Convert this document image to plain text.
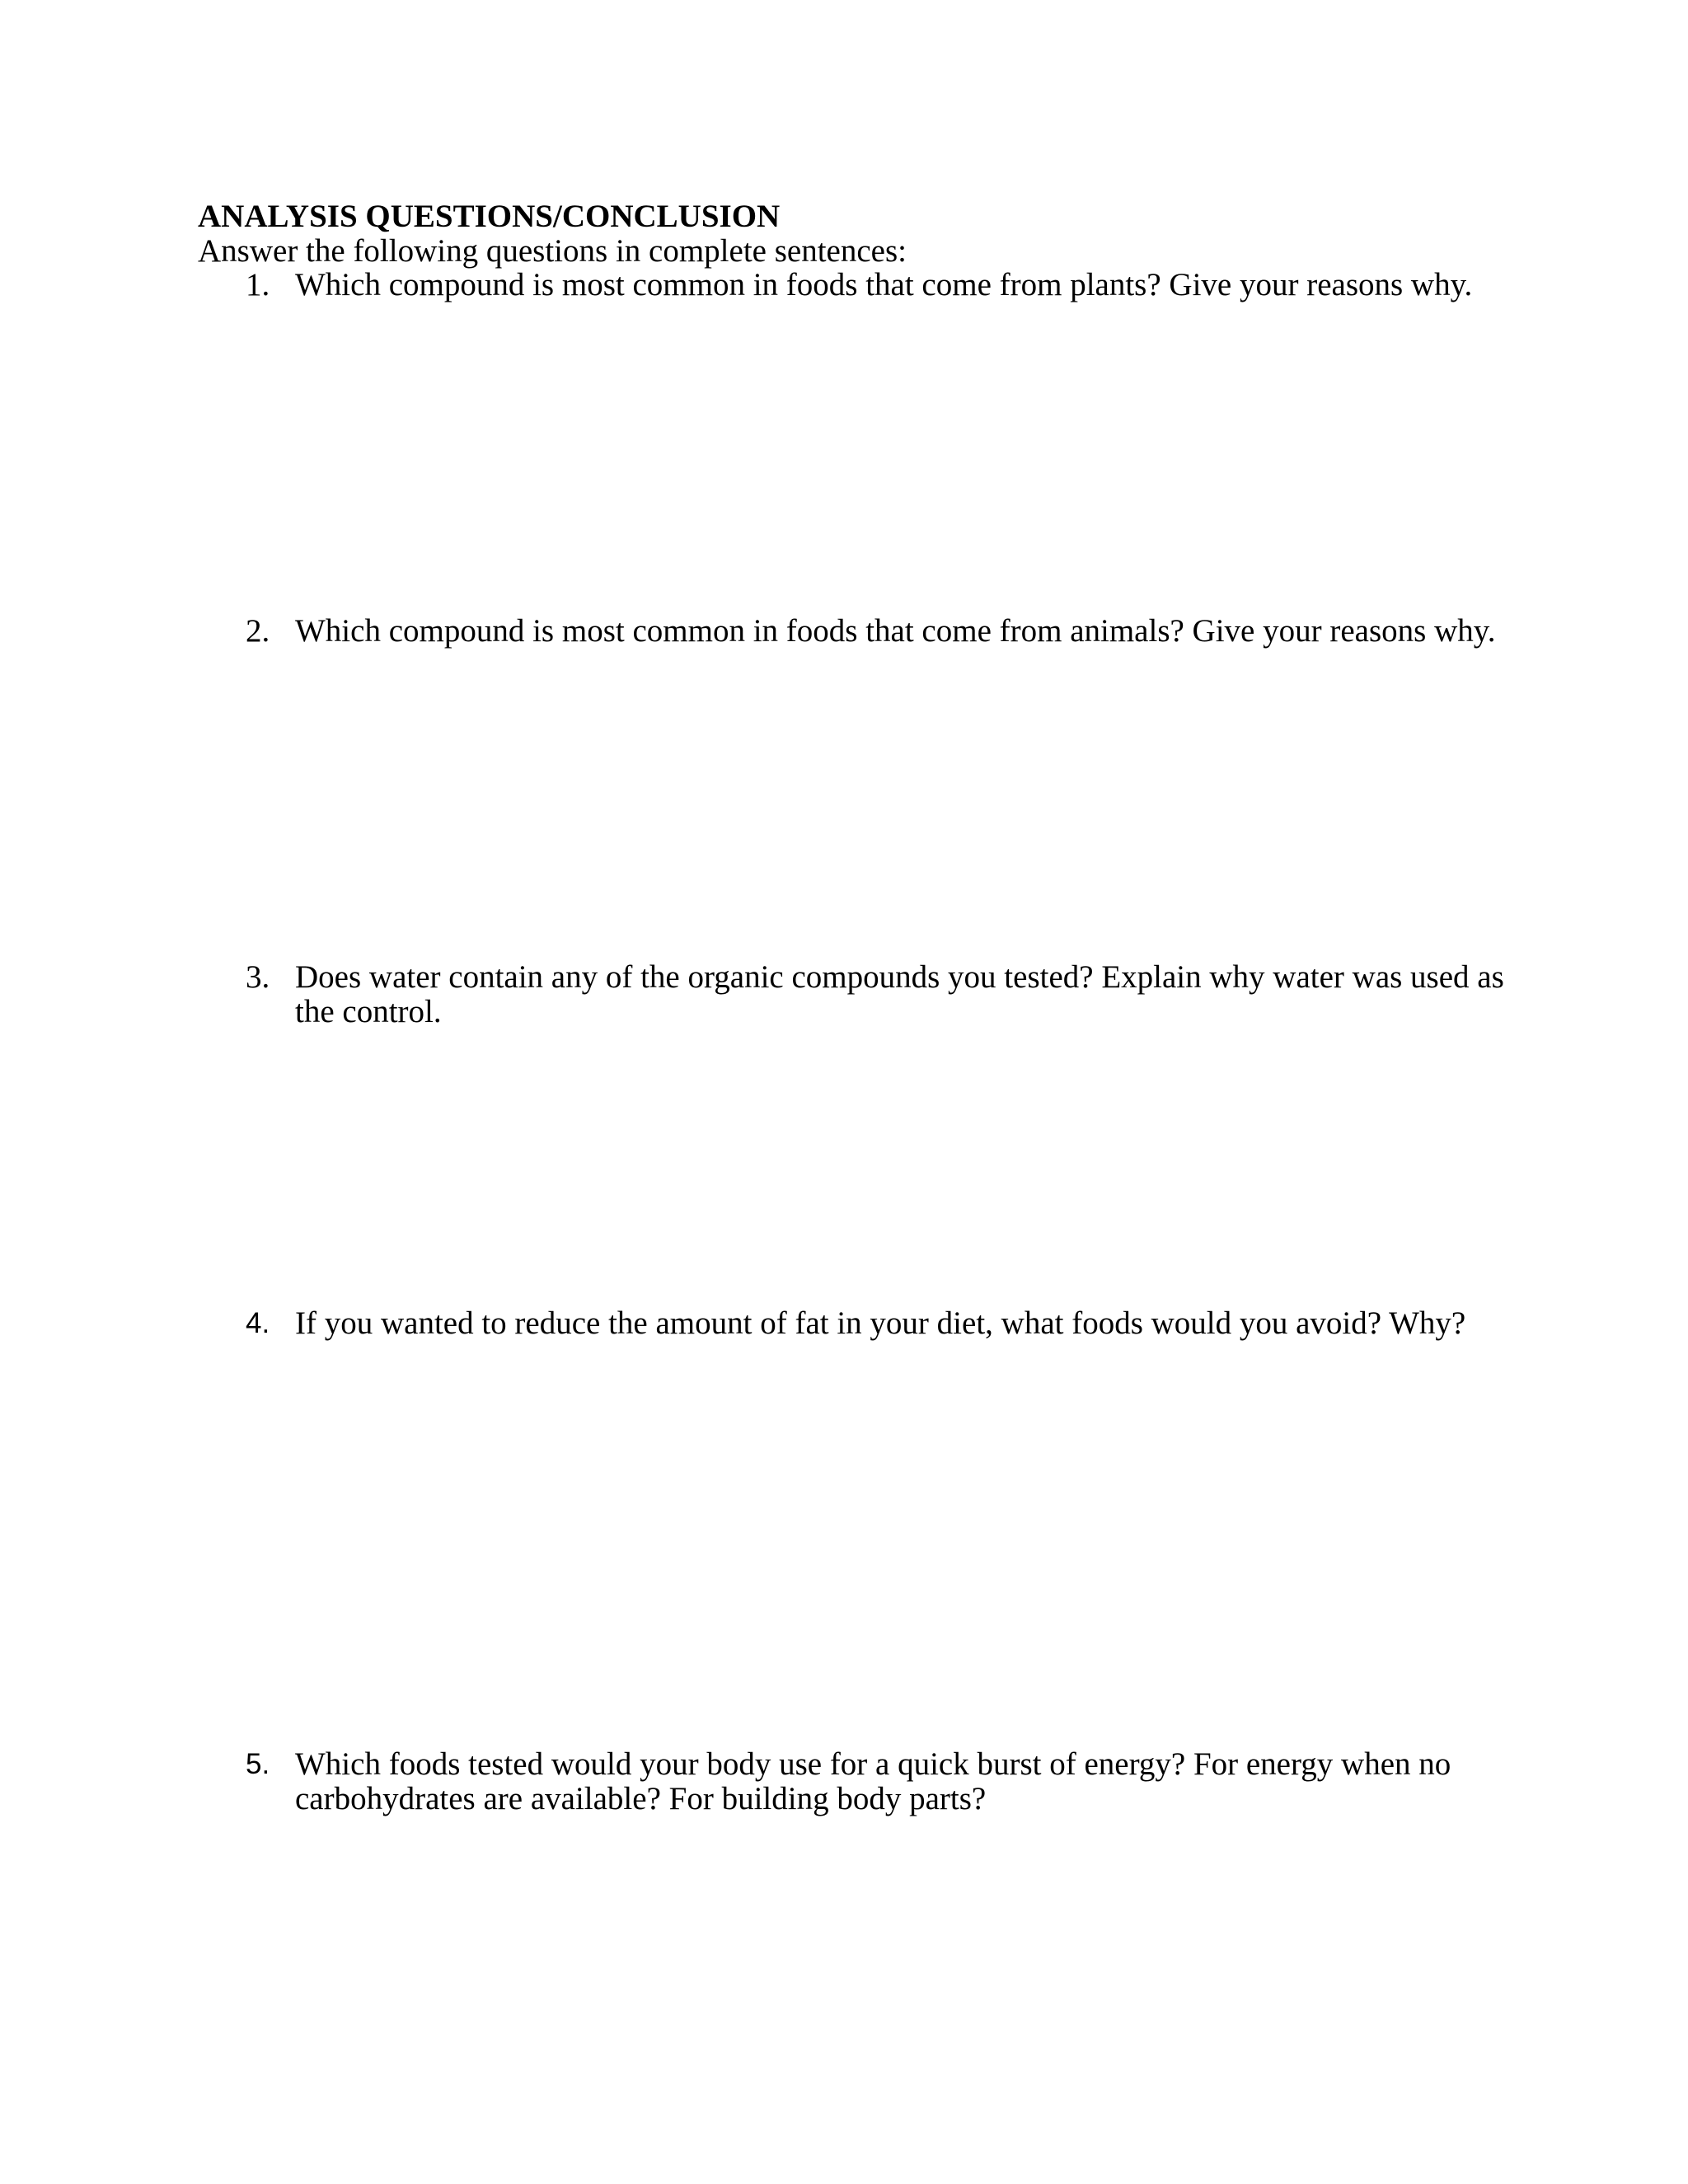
ANALYSIS QUESTIONS/CONCLUSION
Answer the following questions in complete sentences:
1. Which compound is most common in foods that come from plants? Give your reasons why.
2. Which compound is most common in foods that come from animals? Give your reasons why.
3. Does water contain any of the organic compounds you tested? Explain why water was used as the control.
4. If you wanted to reduce the amount of fat in your diet, what foods would you avoid? Why?
5. Which foods tested would your body use for a quick burst of energy? For energy when no carbohydrates are available? For building body parts?
